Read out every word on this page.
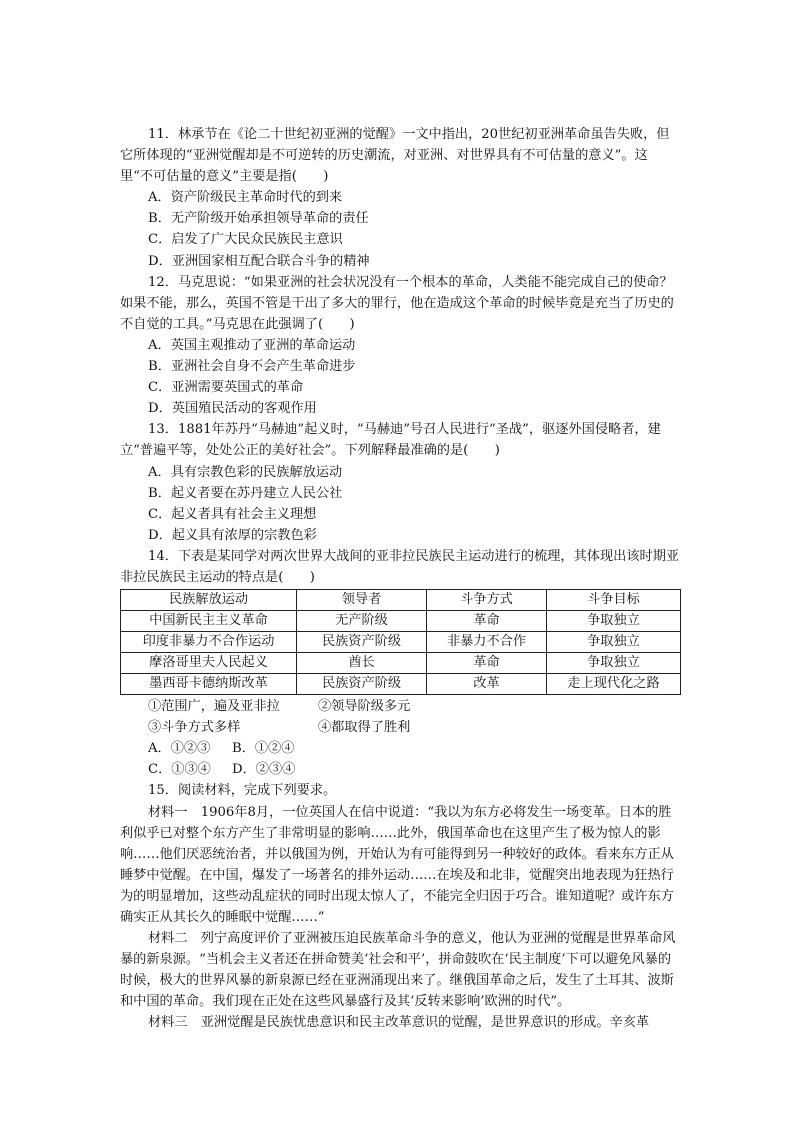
11．林承节在《论二十世纪初亚洲的觉醒》一文中指出，20世纪初亚洲革命虽告失败，但它所体现的“亚洲觉醒却是不可逆转的历史潮流，对亚洲、对世界具有不可估量的意义”。这里“不可估量的意义”主要是指(　　)

A．资产阶级民主革命时代的到来

B．无产阶级开始承担领导革命的责任

C．启发了广大民众民族民主意识

D．亚洲国家相互配合联合斗争的精神

12．马克思说：“如果亚洲的社会状况没有一个根本的革命，人类能不能完成自己的使命？如果不能，那么，英国不管是干出了多大的罪行，他在造成这个革命的时候毕竟是充当了历史的不自觉的工具。”马克思在此强调了(　　)

A．英国主观推动了亚洲的革命运动

B．亚洲社会自身不会产生革命进步

C．亚洲需要英国式的革命

D．英国殖民活动的客观作用

13．1881年苏丹“马赫迪”起义时，“马赫迪”号召人民进行“圣战”，驱逐外国侵略者，建立“普遍平等，处处公正的美好社会”。下列解释最准确的是(　　)

A．具有宗教色彩的民族解放运动

B．起义者要在苏丹建立人民公社

C．起义者具有社会主义理想

D．起义具有浓厚的宗教色彩

14．下表是某同学对两次世界大战间的亚非拉民族民主运动进行的梳理，其体现出该时期亚非拉民族民主运动的特点是(　　)

民族解放运动	领导者	斗争方式	斗争目标
中国新民主主义革命	无产阶级	革命	争取独立
印度非暴力不合作运动	民族资产阶级	非暴力不合作	争取独立
摩洛哥里夫人民起义	酋长	革命	争取独立
墨西哥卡德纳斯改革	民族资产阶级	改革	走上现代化之路

①范围广，遍及亚非拉	②领导阶级多元

③斗争方式多样	④都取得了胜利

A．①②③ B．①②④

C．①③④ D．②③④

15．阅读材料，完成下列要求。

材料一　1906年8月，一位英国人在信中说道：“我以为东方必将发生一场变革。日本的胜利似乎已对整个东方产生了非常明显的影响……此外，俄国革命也在这里产生了极为惊人的影响……他们厌恶统治者，并以俄国为例，开始认为有可能得到另一种较好的政体。看来东方正从睡梦中觉醒。在中国，爆发了一场著名的排外运动……在埃及和北非，觉醒突出地表现为狂热行为的明显增加，这些动乱症状的同时出现太惊人了，不能完全归因于巧合。谁知道呢？或许东方确实正从其长久的睡眠中觉醒……”

材料二　列宁高度评价了亚洲被压迫民族革命斗争的意义，他认为亚洲的觉醒是世界革命风暴的新泉源。“当机会主义者还在拼命赞美‘社会和平’，拼命鼓吹在‘民主制度’下可以避免风暴的时候，极大的世界风暴的新泉源已经在亚洲涌现出来了。继俄国革命之后，发生了土耳其、波斯和中国的革命。我们现在正处在这些风暴盛行及其‘反转来影响’欧洲的时代”。

材料三　亚洲觉醒是民族忧患意识和民主改革意识的觉醒，是世界意识的形成。辛亥革
